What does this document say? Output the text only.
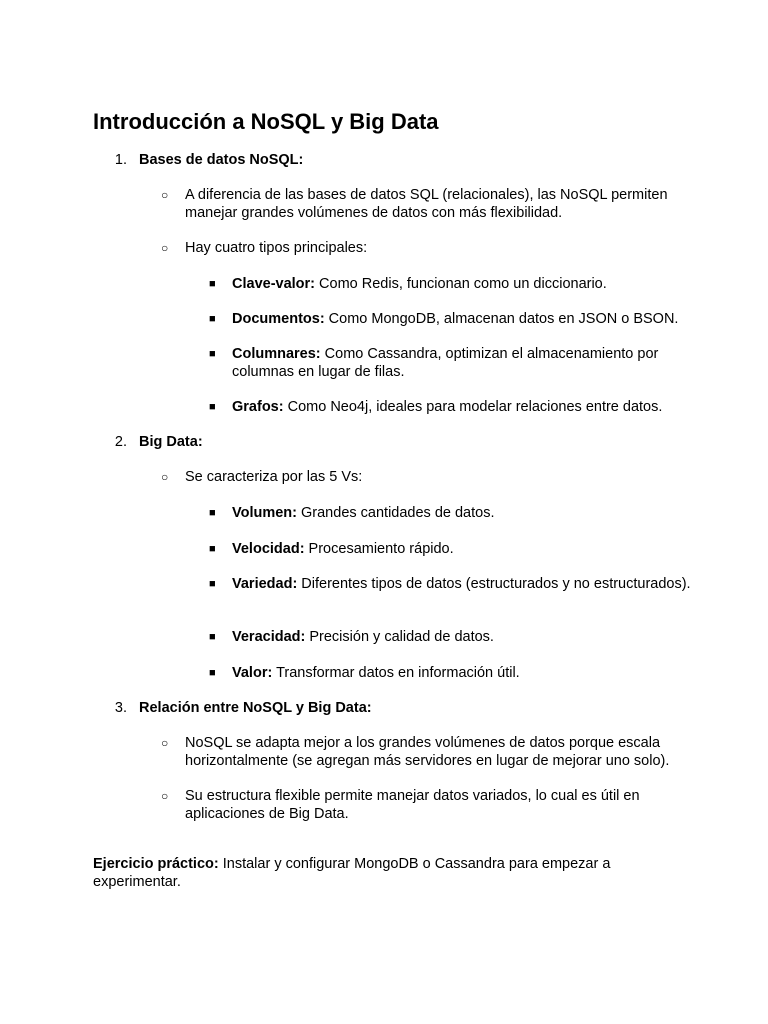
Introducción a NoSQL y Big Data
1. Bases de datos NoSQL:
○ A diferencia de las bases de datos SQL (relacionales), las NoSQL permiten manejar grandes volúmenes de datos con más flexibilidad.
○ Hay cuatro tipos principales:
■ Clave-valor: Como Redis, funcionan como un diccionario.
■ Documentos: Como MongoDB, almacenan datos en JSON o BSON.
■ Columnares: Como Cassandra, optimizan el almacenamiento por columnas en lugar de filas.
■ Grafos: Como Neo4j, ideales para modelar relaciones entre datos.
2. Big Data:
○ Se caracteriza por las 5 Vs:
■ Volumen: Grandes cantidades de datos.
■ Velocidad: Procesamiento rápido.
■ Variedad: Diferentes tipos de datos (estructurados y no estructurados).
■ Veracidad: Precisión y calidad de datos.
■ Valor: Transformar datos en información útil.
3. Relación entre NoSQL y Big Data:
○ NoSQL se adapta mejor a los grandes volúmenes de datos porque escala horizontalmente (se agregan más servidores en lugar de mejorar uno solo).
○ Su estructura flexible permite manejar datos variados, lo cual es útil en aplicaciones de Big Data.
Ejercicio práctico: Instalar y configurar MongoDB o Cassandra para empezar a experimentar.
